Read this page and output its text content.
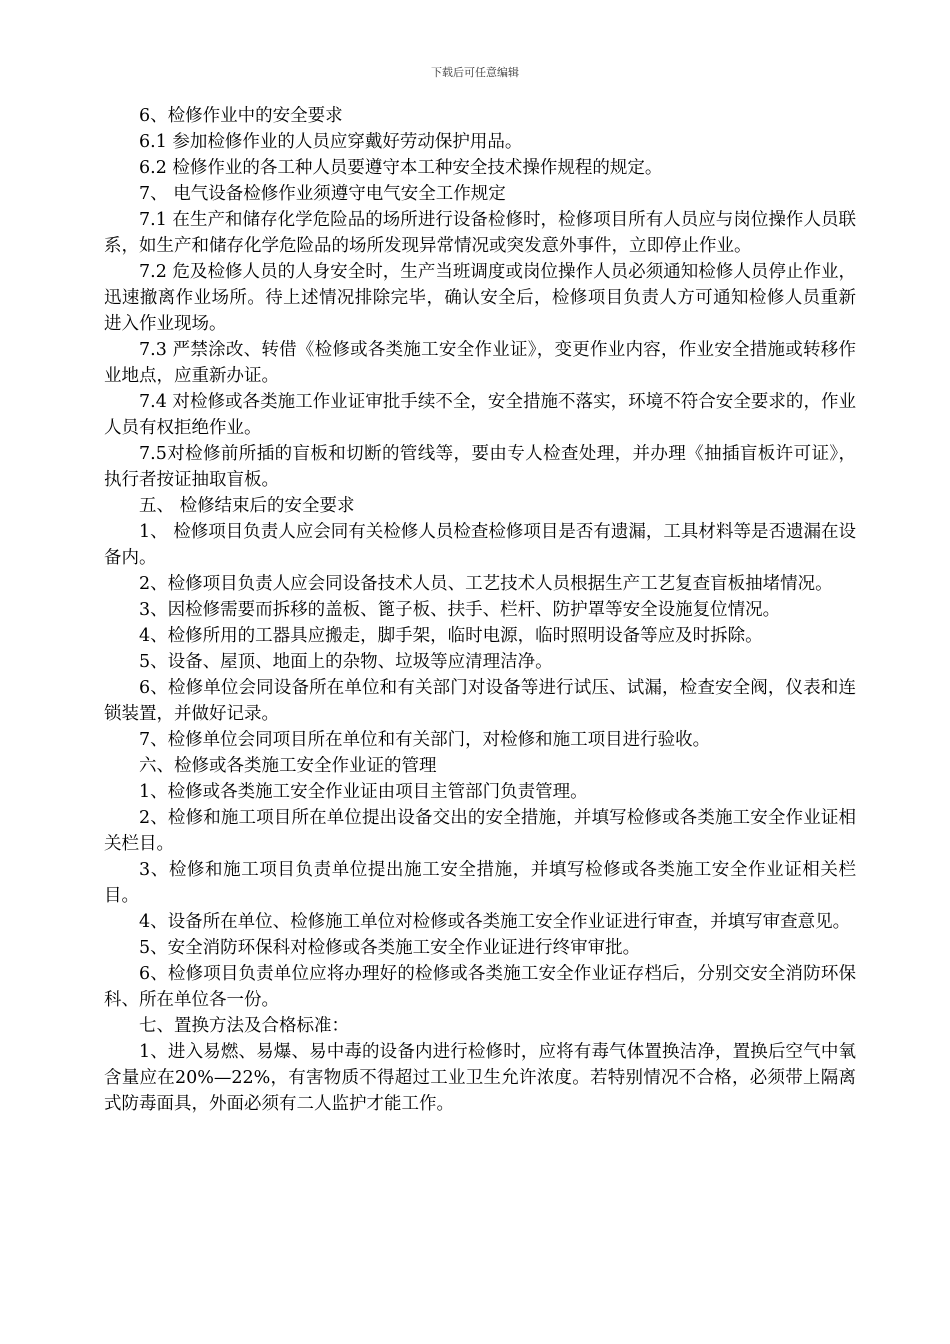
下载后可任意编辑

6、检修作业中的安全要求

6.1 参加检修作业的人员应穿戴好劳动保护用品。

6.2 检修作业的各工种人员要遵守本工种安全技术操作规程的规定。

7、 电气设备检修作业须遵守电气安全工作规定

7.1 在生产和储存化学危险品的场所进行设备检修时，检修项目所有人员应与岗位操作人员联系，如生产和储存化学危险品的场所发现异常情况或突发意外事件，立即停止作业。

7.2 危及检修人员的人身安全时，生产当班调度或岗位操作人员必须通知检修人员停止作业，迅速撤离作业场所。待上述情况排除完毕，确认安全后，检修项目负责人方可通知检修人员重新进入作业现场。

7.3 严禁涂改、转借《检修或各类施工安全作业证》，变更作业内容，作业安全措施或转移作业地点，应重新办证。

7.4 对检修或各类施工作业证审批手续不全，安全措施不落实，环境不符合安全要求的，作业人员有权拒绝作业。

7.5对检修前所插的盲板和切断的管线等，要由专人检查处理，并办理《抽插盲板许可证》，执行者按证抽取盲板。

五、 检修结束后的安全要求

1、 检修项目负责人应会同有关检修人员检查检修项目是否有遗漏，工具材料等是否遗漏在设备内。

2、检修项目负责人应会同设备技术人员、工艺技术人员根据生产工艺复查盲板抽堵情况。

3、因检修需要而拆移的盖板、篦子板、扶手、栏杆、防护罩等安全设施复位情况。

4、检修所用的工器具应搬走，脚手架，临时电源，临时照明设备等应及时拆除。

5、设备、屋顶、地面上的杂物、垃圾等应清理洁净。

6、检修单位会同设备所在单位和有关部门对设备等进行试压、试漏，检查安全阀，仪表和连锁装置，并做好记录。

7、检修单位会同项目所在单位和有关部门，对检修和施工项目进行验收。

六、检修或各类施工安全作业证的管理

1、检修或各类施工安全作业证由项目主管部门负责管理。

2、检修和施工项目所在单位提出设备交出的安全措施，并填写检修或各类施工安全作业证相关栏目。

3、检修和施工项目负责单位提出施工安全措施，并填写检修或各类施工安全作业证相关栏目。

4、设备所在单位、检修施工单位对检修或各类施工安全作业证进行审查，并填写审查意见。

5、安全消防环保科对检修或各类施工安全作业证进行终审审批。

6、检修项目负责单位应将办理好的检修或各类施工安全作业证存档后，分别交安全消防环保科、所在单位各一份。

七、置换方法及合格标准：

1、进入易燃、易爆、易中毒的设备内进行检修时，应将有毒气体置换洁净，置换后空气中氧含量应在20%—22%，有害物质不得超过工业卫生允许浓度。若特别情况不合格，必须带上隔离式防毒面具，外面必须有二人监护才能工作。
